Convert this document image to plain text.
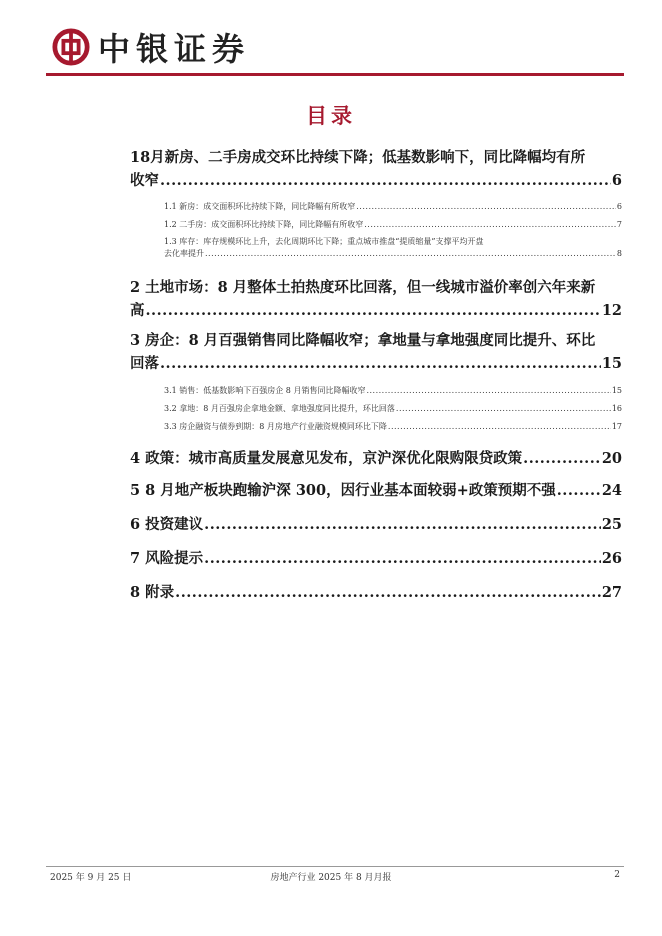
中银证券
目录
18月新房、二手房成交环比持续下降；低基数影响下，同比降幅均有所
收窄 .....	6
1.1 新房：成交面积环比持续下降，同比降幅有所收窄 .....	6
1.2 二手房：成交面积环比持续下降，同比降幅有所收窄 .....	7
1.3 库存：库存规模环比上升，去化周期环比下降；重点城市推盘“提质缩量”支撑平均开盘
去化率提升 .....	8
2 土地市场：8 月整体土拍热度环比回落，但一线城市溢价率创六年来新
高 .....	12
3 房企：8 月百强销售同比降幅收窄；拿地量与拿地强度同比提升、环比
回落 .....	15
3.1 销售：低基数影响下百强房企 8 月销售同比降幅收窄 .....	15
3.2 拿地：8 月百强房企拿地金额、拿地强度同比提升，环比回落 .....	16
3.3 房企融资与债券到期：8 月房地产行业融资规模同环比下降 .....	17
4 政策：城市高质量发展意见发布，京沪深优化限购限贷政策 .....	20
5 8 月地产板块跑输沪深 300，因行业基本面较弱+政策预期不强 .....	24
6 投资建议 .....	25
7 风险提示 .....	26
8 附录 .....	27
2025 年 9 月 25 日	房地产行业 2025 年 8 月月报	2
